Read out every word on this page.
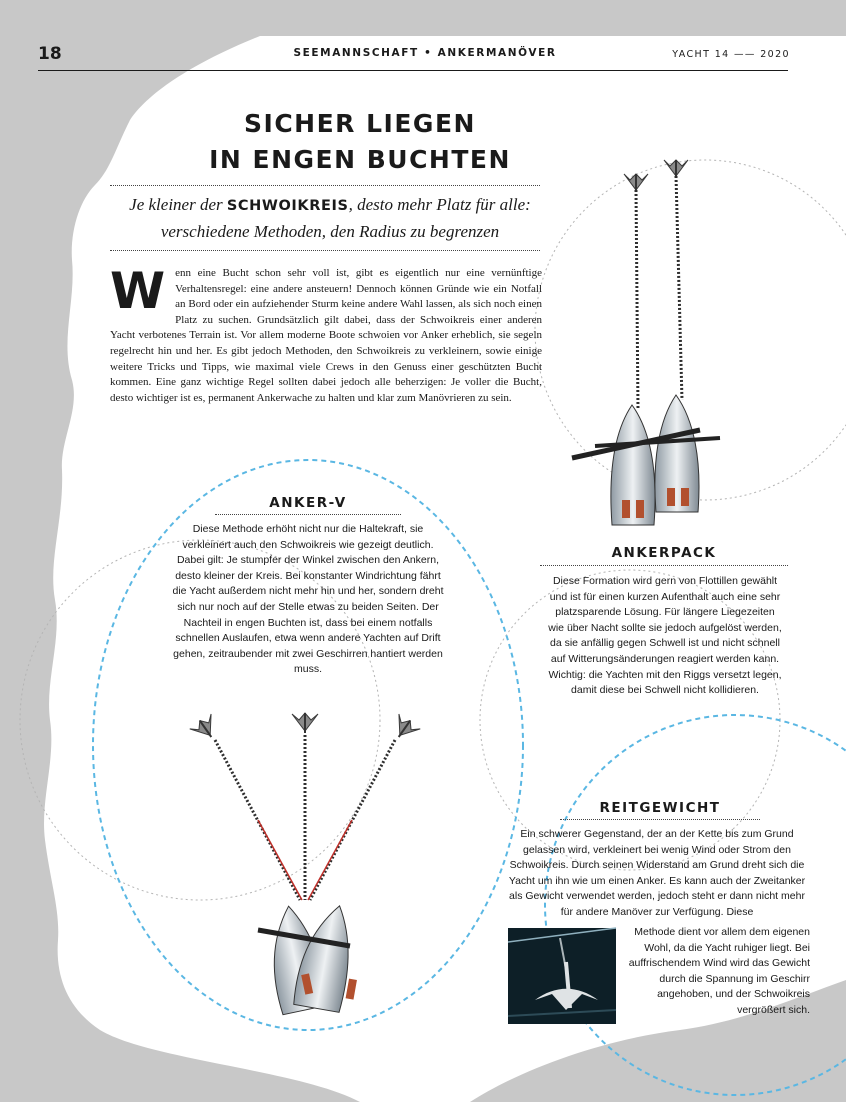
18	SEEMANNSCHAFT • ANKERMANÖVER	YACHT 14 —— 2020
SICHER LIEGEN
IN ENGEN BUCHTEN
Je kleiner der SCHWOIKREIS, desto mehr Platz für alle: verschiedene Methoden, den Radius zu begrenzen
Wenn eine Bucht schon sehr voll ist, gibt es eigentlich nur eine vernünftige Verhaltensregel: eine andere ansteuern! Dennoch können Gründe wie ein Notfall an Bord oder ein aufziehender Sturm keine andere Wahl lassen, als sich noch einen Platz zu suchen. Grundsätzlich gilt dabei, dass der Schwoikreis einer anderen Yacht verbotenes Terrain ist. Vor allem moderne Boote schwoien vor Anker erheblich, sie segeln regelrecht hin und her. Es gibt jedoch Methoden, den Schwoikreis zu verkleinern, sowie einige weitere Tricks und Tipps, wie maximal viele Crews in den Genuss einer geschützten Bucht kommen. Eine ganz wichtige Regel sollten dabei jedoch alle beherzigen: Je voller die Bucht, desto wichtiger ist es, permanent Ankerwache zu halten und klar zum Manövrieren zu sein.
ANKER-V
Diese Methode erhöht nicht nur die Haltekraft, sie verkleinert auch den Schwoikreis wie gezeigt deutlich. Dabei gilt: Je stumpfer der Winkel zwischen den Ankern, desto kleiner der Kreis. Bei konstanter Windrichtung fährt die Yacht außerdem nicht mehr hin und her, sondern dreht sich nur noch auf der Stelle etwas zu beiden Seiten. Der Nachteil in engen Buchten ist, dass bei einem notfalls schnellen Auslaufen, etwa wenn andere Yachten auf Drift gehen, zeitraubender mit zwei Geschirren hantiert werden muss.
ANKERPACK
Diese Formation wird gern von Flottillen gewählt und ist für einen kurzen Aufenthalt auch eine sehr platzsparende Lösung. Für längere Liegezeiten wie über Nacht sollte sie jedoch aufgelöst werden, da sie anfällig gegen Schwell ist und nicht schnell auf Witterungsänderungen reagiert werden kann. Wichtig: die Yachten mit den Riggs versetzt legen, damit diese bei Schwell nicht kollidieren.
REITGEWICHT
Ein schwerer Gegenstand, der an der Kette bis zum Grund gelassen wird, verkleinert bei wenig Wind oder Strom den Schwoikreis. Durch seinen Widerstand am Grund dreht sich die Yacht um ihn wie um einen Anker. Es kann auch der Zweitanker als Gewicht verwendet werden, jedoch steht er dann nicht mehr für andere Manöver zur Verfügung. Diese
Methode dient vor allem dem eigenen Wohl, da die Yacht ruhiger liegt. Bei auffrischendem Wind wird das Gewicht durch die Spannung im Geschirr angehoben, und der Schwoikreis vergrößert sich.
